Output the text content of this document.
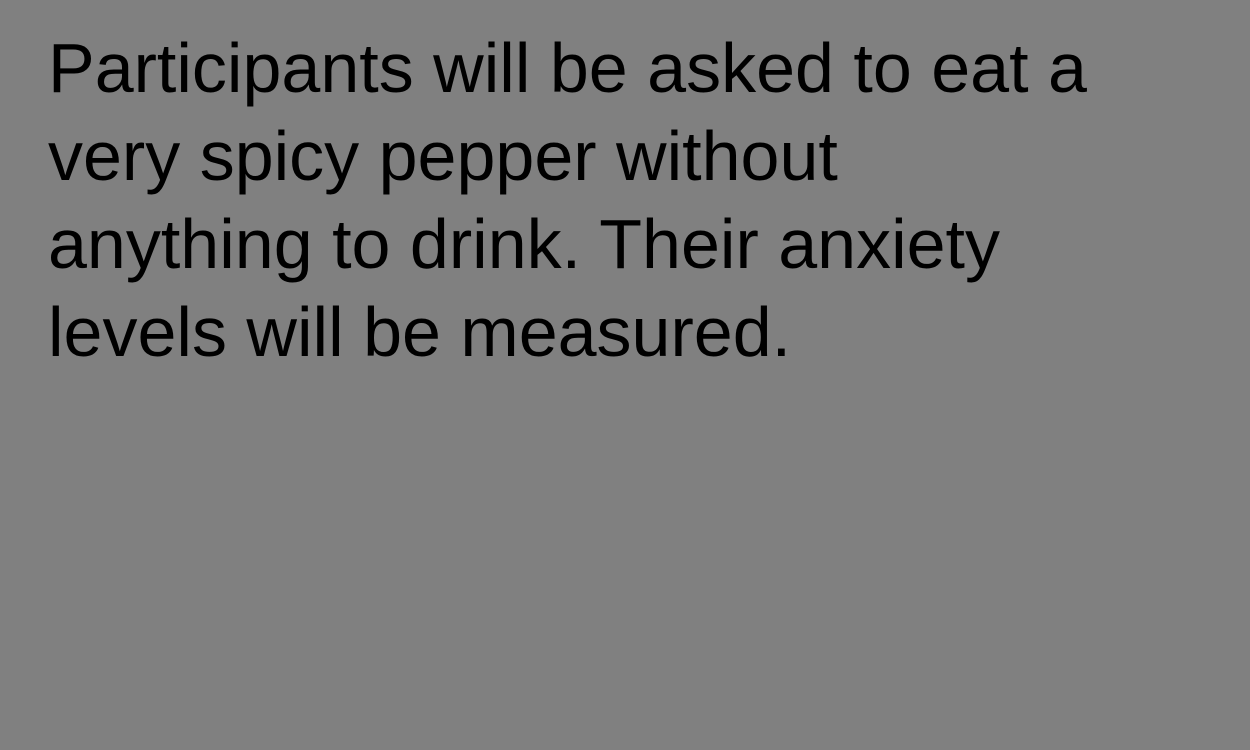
Participants will be asked to eat a
very spicy pepper without
anything to drink. Their anxiety
levels will be measured.
